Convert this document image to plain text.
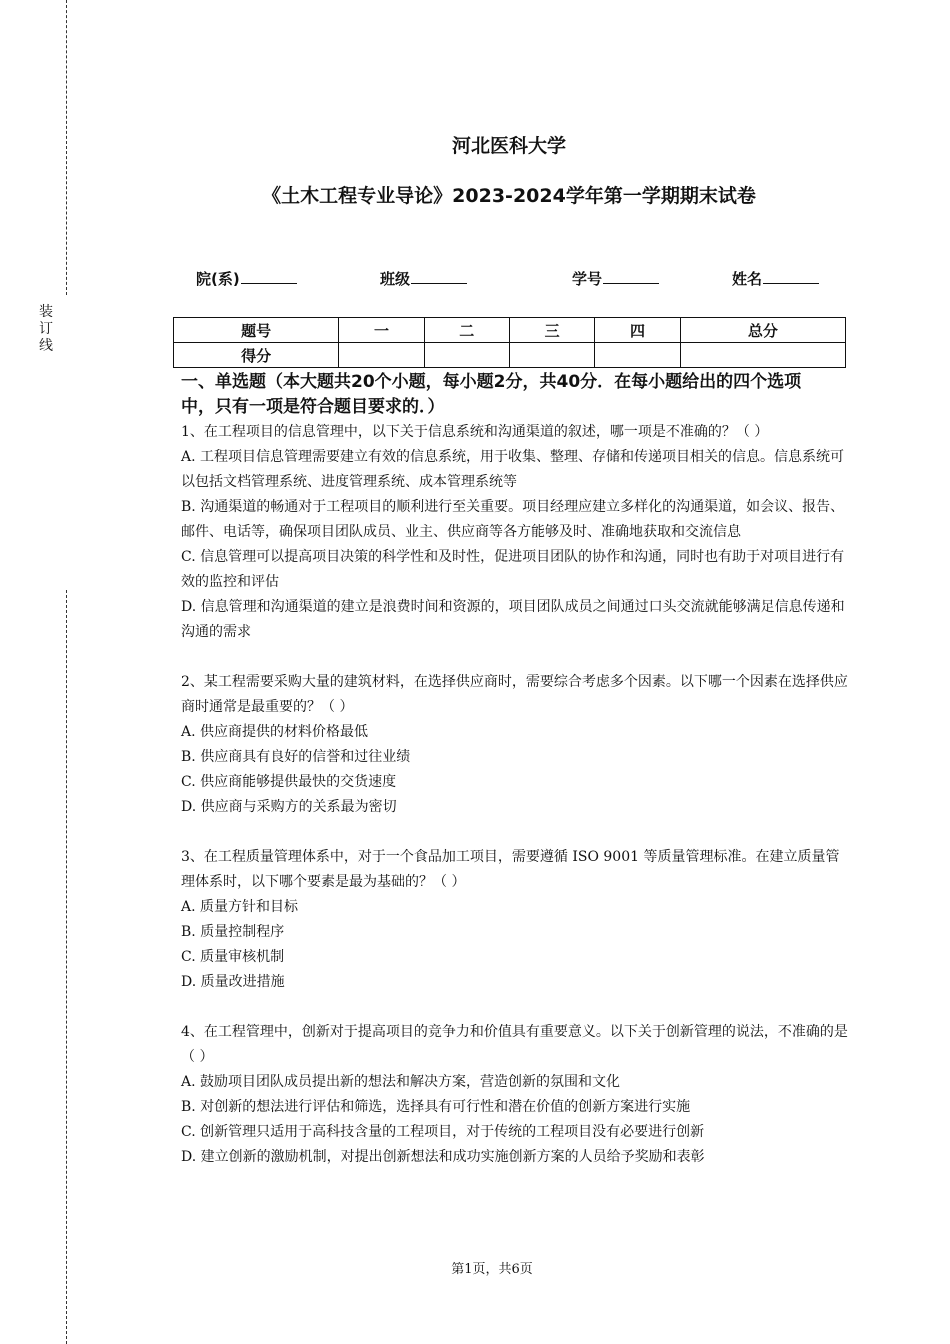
装订线
河北医科大学
《土木工程专业导论》2023-2024学年第一学期期末试卷
院(系)	班级	学号	姓名
题号	一	二	三	四	总分
得分					
一、单选题（本大题共20个小题，每小题2分，共40分．在每小题给出的四个选项中，只有一项是符合题目要求的．）

1、在工程项目的信息管理中，以下关于信息系统和沟通渠道的叙述，哪一项是不准确的？（ ）

A. 工程项目信息管理需要建立有效的信息系统，用于收集、整理、存储和传递项目相关的信息。信息系统可以包括文档管理系统、进度管理系统、成本管理系统等

B. 沟通渠道的畅通对于工程项目的顺利进行至关重要。项目经理应建立多样化的沟通渠道，如会议、报告、邮件、电话等，确保项目团队成员、业主、供应商等各方能够及时、准确地获取和交流信息

C. 信息管理可以提高项目决策的科学性和及时性，促进项目团队的协作和沟通，同时也有助于对项目进行有效的监控和评估

D. 信息管理和沟通渠道的建立是浪费时间和资源的，项目团队成员之间通过口头交流就能够满足信息传递和沟通的需求

2、某工程需要采购大量的建筑材料，在选择供应商时，需要综合考虑多个因素。以下哪一个因素在选择供应商时通常是最重要的？（ ）

A. 供应商提供的材料价格最低

B. 供应商具有良好的信誉和过往业绩

C. 供应商能够提供最快的交货速度

D. 供应商与采购方的关系最为密切

3、在工程质量管理体系中，对于一个食品加工项目，需要遵循 ISO 9001 等质量管理标准。在建立质量管理体系时，以下哪个要素是最为基础的？（ ）

A. 质量方针和目标

B. 质量控制程序

C. 质量审核机制

D. 质量改进措施

4、在工程管理中，创新对于提高项目的竞争力和价值具有重要意义。以下关于创新管理的说法，不准确的是（ ）

A. 鼓励项目团队成员提出新的想法和解决方案，营造创新的氛围和文化

B. 对创新的想法进行评估和筛选，选择具有可行性和潜在价值的创新方案进行实施

C. 创新管理只适用于高科技含量的工程项目，对于传统的工程项目没有必要进行创新

D. 建立创新的激励机制，对提出创新想法和成功实施创新方案的人员给予奖励和表彰

第1页，共6页
